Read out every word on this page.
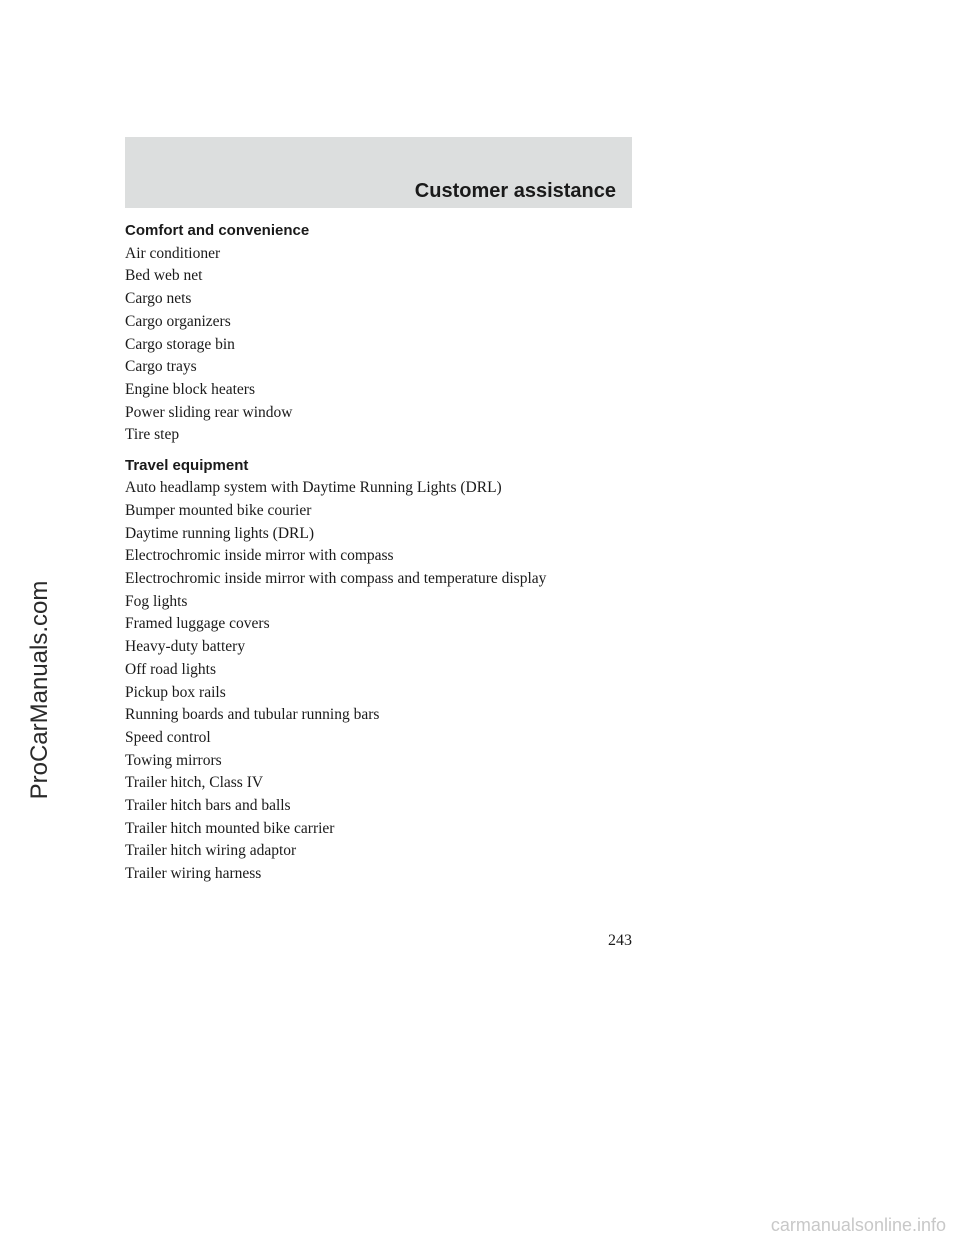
Customer assistance
Comfort and convenience
Air conditioner
Bed web net
Cargo nets
Cargo organizers
Cargo storage bin
Cargo trays
Engine block heaters
Power sliding rear window
Tire step
Travel equipment
Auto headlamp system with Daytime Running Lights (DRL)
Bumper mounted bike courier
Daytime running lights (DRL)
Electrochromic inside mirror with compass
Electrochromic inside mirror with compass and temperature display
Fog lights
Framed luggage covers
Heavy-duty battery
Off road lights
Pickup box rails
Running boards and tubular running bars
Speed control
Towing mirrors
Trailer hitch, Class IV
Trailer hitch bars and balls
Trailer hitch mounted bike carrier
Trailer hitch wiring adaptor
Trailer wiring harness
243
ProCarManuals.com
carmanualsonline.info
